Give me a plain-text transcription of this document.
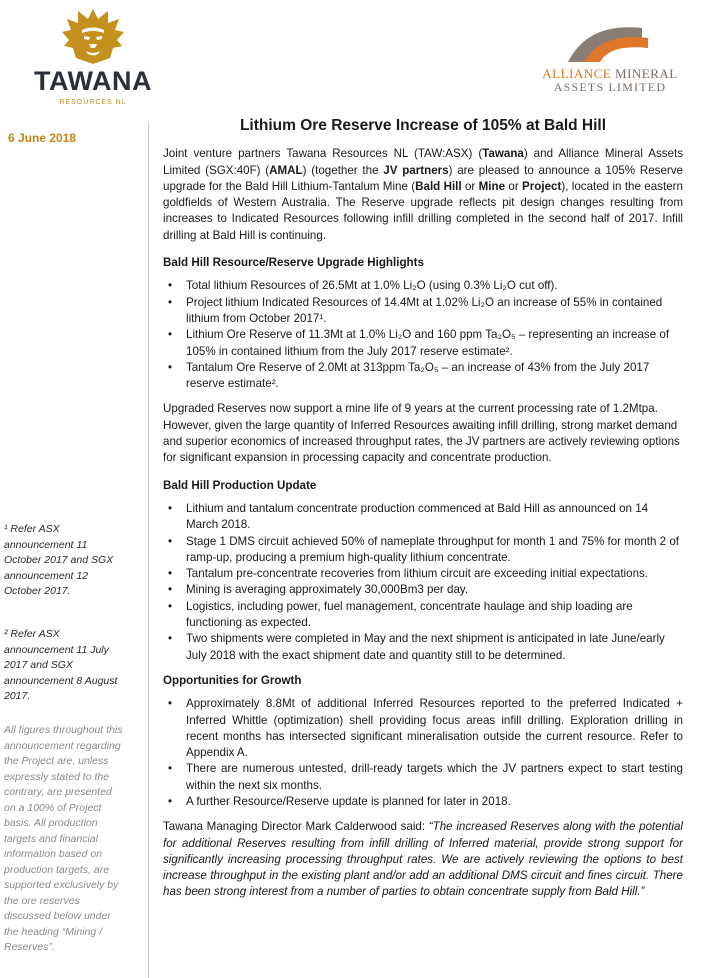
TAWANA
RESOURCES NL
ALLIANCE MINERAL
ASSETS LIMITED
6 June 2018
¹ Refer ASX announcement 11 October 2017 and SGX announcement 12 October 2017.
² Refer ASX announcement 11 July 2017 and SGX announcement 8 August 2017.
All figures throughout this announcement regarding the Project are, unless expressly stated to the contrary, are presented on a 100% of Project basis. All production targets and financial information based on production targets, are supported exclusively by the ore reserves discussed below under the heading “Mining / Reserves”.
Lithium Ore Reserve Increase of 105% at Bald Hill

Joint venture partners Tawana Resources NL (TAW:ASX) (Tawana) and Alliance Mineral Assets Limited (SGX:40F) (AMAL) (together the JV partners) are pleased to announce a 105% Reserve upgrade for the Bald Hill Lithium-Tantalum Mine (Bald Hill or Mine or Project), located in the eastern goldfields of Western Australia. The Reserve upgrade reflects pit design changes resulting from increases to Indicated Resources following infill drilling completed in the second half of 2017. Infill drilling at Bald Hill is continuing.

Bald Hill Resource/Reserve Upgrade Highlights
• Total lithium Resources of 26.5Mt at 1.0% Li₂O (using 0.3% Li₂O cut off).
• Project lithium Indicated Resources of 14.4Mt at 1.02% Li₂O an increase of 55% in contained lithium from October 2017¹.
• Lithium Ore Reserve of 11.3Mt at 1.0% Li₂O and 160 ppm Ta₂O₅ – representing an increase of 105% in contained lithium from the July 2017 reserve estimate².
• Tantalum Ore Reserve of 2.0Mt at 313ppm Ta₂O₅ – an increase of 43% from the July 2017 reserve estimate².

Upgraded Reserves now support a mine life of 9 years at the current processing rate of 1.2Mtpa. However, given the large quantity of Inferred Resources awaiting infill drilling, strong market demand and superior economics of increased throughput rates, the JV partners are actively reviewing options for significant expansion in processing capacity and concentrate production.

Bald Hill Production Update
• Lithium and tantalum concentrate production commenced at Bald Hill as announced on 14 March 2018.
• Stage 1 DMS circuit achieved 50% of nameplate throughput for month 1 and 75% for month 2 of ramp-up, producing a premium high-quality lithium concentrate.
• Tantalum pre-concentrate recoveries from lithium circuit are exceeding initial expectations.
• Mining is averaging approximately 30,000Bm3 per day.
• Logistics, including power, fuel management, concentrate haulage and ship loading are functioning as expected.
• Two shipments were completed in May and the next shipment is anticipated in late June/early July 2018 with the exact shipment date and quantity still to be determined.
Opportunities for Growth
• Approximately 8.8Mt of additional Inferred Resources reported to the preferred Indicated + Inferred Whittle (optimization) shell providing focus areas infill drilling. Exploration drilling in recent months has intersected significant mineralisation outside the current resource. Refer to Appendix A.
• There are numerous untested, drill-ready targets which the JV partners expect to start testing within the next six months.
• A further Resource/Reserve update is planned for later in 2018.

Tawana Managing Director Mark Calderwood said: “The increased Reserves along with the potential for additional Reserves resulting from infill drilling of Inferred material, provide strong support for significantly increasing processing throughput rates. We are actively reviewing the options to best increase throughput in the existing plant and/or add an additional DMS circuit and fines circuit. There has been strong interest from a number of parties to obtain concentrate supply from Bald Hill.”
